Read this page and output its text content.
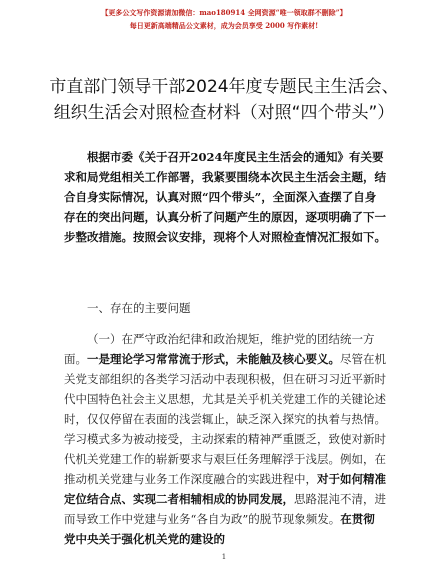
【更多公文写作资源请加微信：mao180914 全网资源“唯一领取群不删除”】
每日更新高端精品公文素材，成为会员享受 2000 写作素材!
市直部门领导干部2024年度专题民主生活会、组织生活会对照检查材料（对照“四个带头”）
根据市委《关于召开2024年度民主生活会的通知》有关要求和局党组相关工作部署，我紧要围绕本次民主生活会主题，结合自身实际情况，认真对照“四个带头”，全面深入查摆了自身存在的突出问题，认真分析了问题产生的原因，逐项明确了下一步整改措施。按照会议安排，现将个人对照检查情况汇报如下。
一、存在的主要问题
（一）在严守政治纪律和政治规矩，维护党的团结统一方面。一是理论学习常常流于形式，未能触及核心要义。尽管在机关党支部组织的各类学习活动中表现积极，但在研习习近平新时代中国特色社会主义思想，尤其是关乎机关党建工作的关键论述时，仅仅停留在表面的浅尝辄止，缺乏深入探究的执着与热情。学习模式多为被动接受，主动探索的精神严重匮乏，致使对新时代机关党建工作的崭新要求与艰巨任务理解浮于浅层。例如，在推动机关党建与业务工作深度融合的实践进程中，对于如何精准定位结合点、实现二者相辅相成的协同发展，思路混沌不清，进而导致工作中党建与业务“各自为政”的脱节现象频发。在贯彻党中央关于强化机关党的建设的
1
